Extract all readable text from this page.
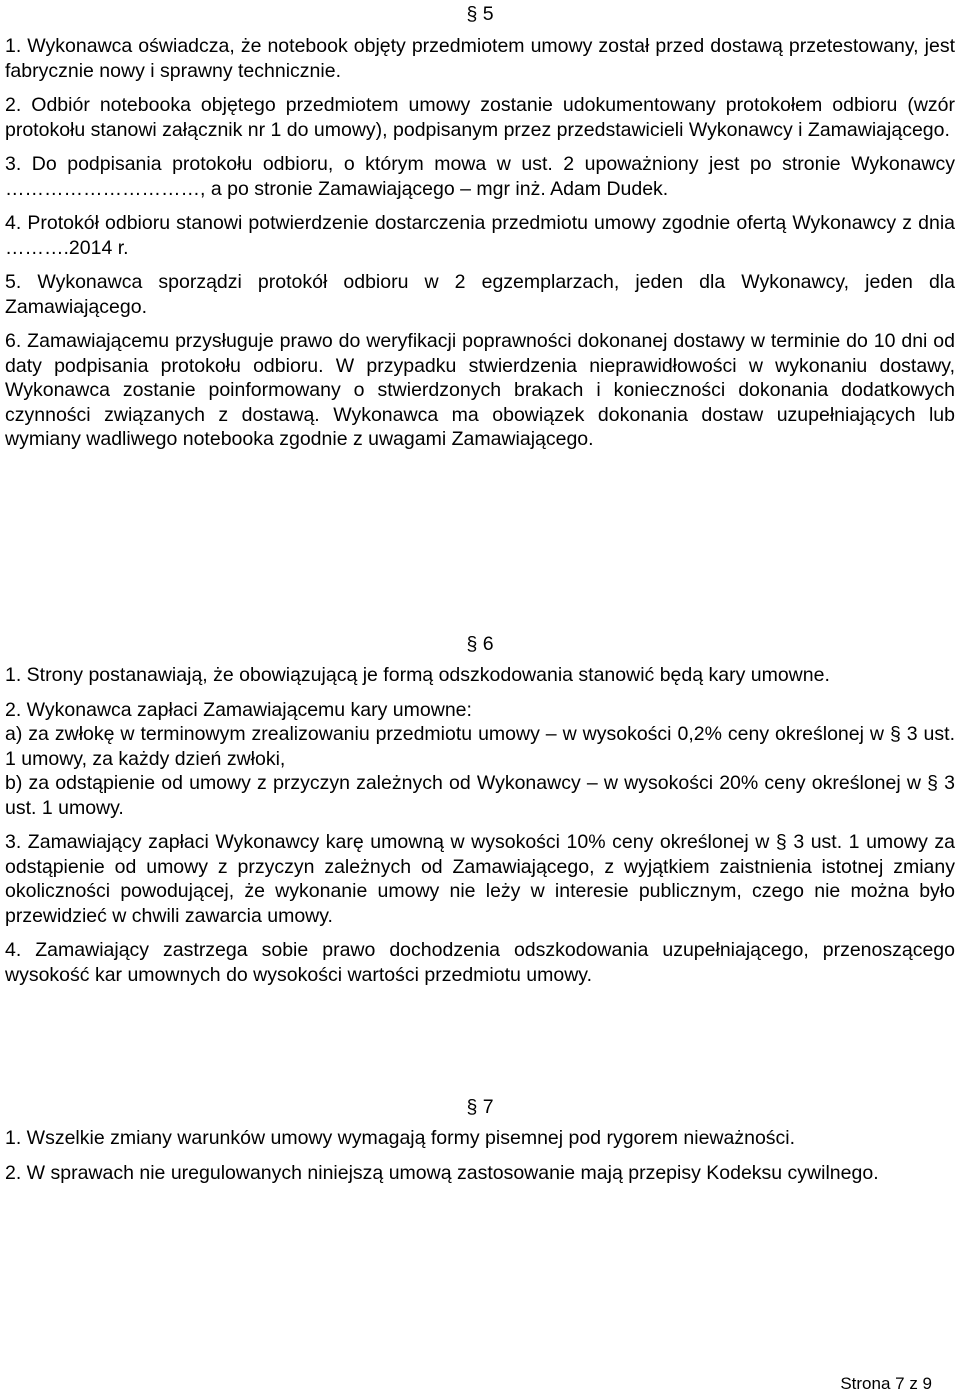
§ 5

1. Wykonawca oświadcza, że notebook objęty przedmiotem umowy został przed dostawą przetestowany, jest fabrycznie nowy i sprawny technicznie.

2. Odbiór notebooka objętego przedmiotem umowy zostanie udokumentowany protokołem odbioru (wzór protokołu stanowi załącznik nr 1 do umowy), podpisanym przez przedstawicieli Wykonawcy i Zamawiającego.

3. Do podpisania protokołu odbioru, o którym mowa w ust. 2 upoważniony jest po stronie Wykonawcy …………………………, a po stronie Zamawiającego – mgr inż. Adam Dudek.

4. Protokół odbioru stanowi potwierdzenie dostarczenia przedmiotu umowy zgodnie ofertą Wykonawcy z dnia ……….2014 r.

5. Wykonawca sporządzi protokół odbioru w 2 egzemplarzach, jeden dla Wykonawcy, jeden dla Zamawiającego.

6. Zamawiającemu przysługuje prawo do weryfikacji poprawności dokonanej dostawy w terminie do 10 dni od daty podpisania protokołu odbioru. W przypadku stwierdzenia nieprawidłowości w wykonaniu dostawy, Wykonawca zostanie poinformowany o stwierdzonych brakach i konieczności dokonania dodatkowych czynności związanych z dostawą. Wykonawca ma obowiązek dokonania dostaw uzupełniających lub wymiany wadliwego notebooka zgodnie z uwagami Zamawiającego.

§ 6

1. Strony postanawiają, że obowiązującą je formą odszkodowania stanowić będą kary umowne.

2. Wykonawca zapłaci Zamawiającemu kary umowne:

a) za zwłokę w terminowym zrealizowaniu przedmiotu umowy – w wysokości 0,2% ceny określonej w § 3 ust. 1 umowy, za każdy dzień zwłoki,

b) za odstąpienie od umowy z przyczyn zależnych od Wykonawcy – w wysokości 20% ceny określonej w § 3 ust. 1 umowy.

3. Zamawiający zapłaci Wykonawcy karę umowną w wysokości 10% ceny określonej w § 3 ust. 1 umowy za odstąpienie od umowy z przyczyn zależnych od Zamawiającego, z wyjątkiem zaistnienia istotnej zmiany okoliczności powodującej, że wykonanie umowy nie leży w interesie publicznym, czego nie można było przewidzieć w chwili zawarcia umowy.

4. Zamawiający zastrzega sobie prawo dochodzenia odszkodowania uzupełniającego, przenoszącego wysokość kar umownych do wysokości wartości przedmiotu umowy.

§ 7

1. Wszelkie zmiany warunków umowy wymagają formy pisemnej pod rygorem nieważności.

2. W sprawach nie uregulowanych niniejszą umową zastosowanie mają przepisy Kodeksu cywilnego.

Strona 7 z 9
